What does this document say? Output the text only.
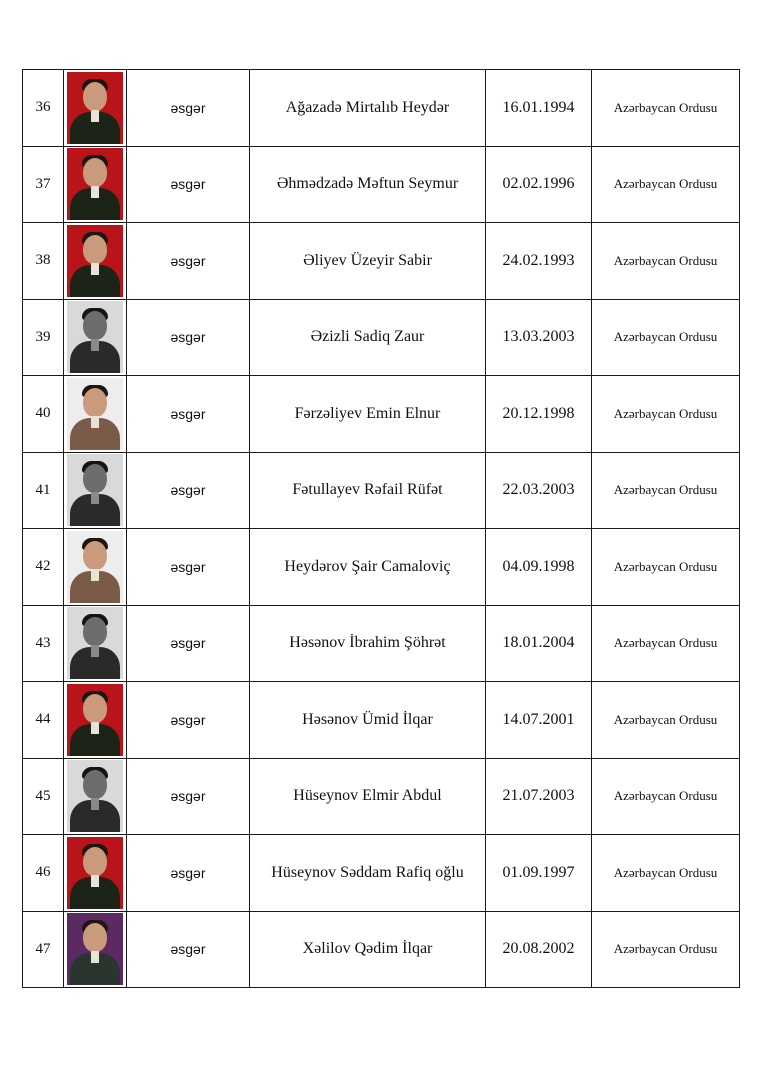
36		əsgər	Ağazadə Mirtalıb Heydər	16.01.1994	Azərbaycan Ordusu
37		əsgər	Əhmədzadə Məftun Seymur	02.02.1996	Azərbaycan Ordusu
38		əsgər	Əliyev Üzeyir Sabir	24.02.1993	Azərbaycan Ordusu
39		əsgər	Əzizli Sadiq Zaur	13.03.2003	Azərbaycan Ordusu
40		əsgər	Fərzəliyev Emin Elnur	20.12.1998	Azərbaycan Ordusu
41		əsgər	Fətullayev Rəfail Rüfət	22.03.2003	Azərbaycan Ordusu
42		əsgər	Heydərov Şair Camaloviç	04.09.1998	Azərbaycan Ordusu
43		əsgər	Həsənov İbrahim Şöhrət	18.01.2004	Azərbaycan Ordusu
44		əsgər	Həsənov Ümid İlqar	14.07.2001	Azərbaycan Ordusu
45		əsgər	Hüseynov Elmir Abdul	21.07.2003	Azərbaycan Ordusu
46		əsgər	Hüseynov Səddam Rafiq oğlu	01.09.1997	Azərbaycan Ordusu
47		əsgər	Xəlilov Qədim İlqar	20.08.2002	Azərbaycan Ordusu
